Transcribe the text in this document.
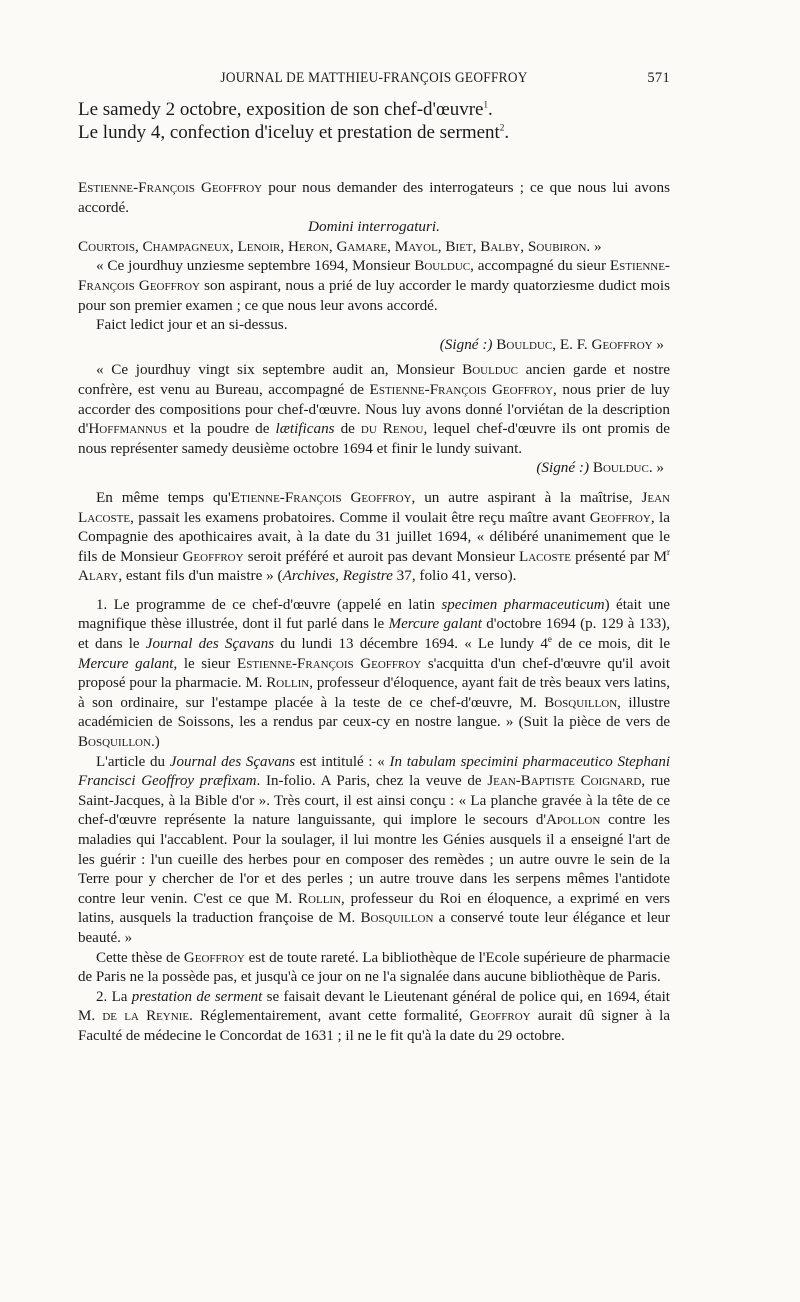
JOURNAL DE MATTHIEU-FRANÇOIS GEOFFROY	571

Le samedy 2 octobre, exposition de son chef-d'œuvre$^1$.

Le lundy 4, confection d'iceluy et prestation de serment$^2$.

Estienne-François Geoffroy pour nous demander des interrogateurs ; ce que nous lui avons accordé.

Domini interrogaturi.

Courtois, Champagneux, Lenoir, Heron, Gamare, Mayol, Biet, Balby, Soubiron. »

« Ce jourdhuy unziesme septembre 1694, Monsieur Boulduc, accompagné du sieur Estienne-François Geoffroy son aspirant, nous a prié de luy accorder le mardy quatorziesme dudict mois pour son premier examen ; ce que nous leur avons accordé.

Faict ledict jour et an si-dessus.

(Signé :) Boulduc, E. F. Geoffroy »

« Ce jourdhuy vingt six septembre audit an, Monsieur Boulduc ancien garde et nostre confrère, est venu au Bureau, accompagné de Estienne-François Geoffroy, nous prier de luy accorder des compositions pour chef-d'œuvre. Nous luy avons donné l'orviétan de la description d'Hoffmannus et la poudre de lætificans de du Renou, lequel chef-d'œuvre ils ont promis de nous représenter samedy deusième octobre 1694 et finir le lundy suivant.

(Signé :) Boulduc. »

En même temps qu'Etienne-François Geoffroy, un autre aspirant à la maîtrise, Jean Lacoste, passait les examens probatoires. Comme il voulait être reçu maître avant Geoffroy, la Compagnie des apothicaires avait, à la date du 31 juillet 1694, « délibéré unanimement que le fils de Monsieur Geoffroy seroit préféré et auroit pas devant Monsieur Lacoste présenté par $M^r$ Alary, estant fils d'un maistre » (Archives, Registre 37, folio 41, verso).

1. Le programme de ce chef-d'œuvre (appelé en latin specimen pharmaceuticum) était une magnifique thèse illustrée, dont il fut parlé dans le Mercure galant d'octobre 1694 (p. 129 à 133), et dans le Journal des Sçavans du lundi 13 décembre 1694. « Le lundy 4e de ce mois, dit le Mercure galant, le sieur Estienne-François Geoffroy s'acquitta d'un chef-d'œuvre qu'il avoit proposé pour la pharmacie. M. Rollin, professeur d'éloquence, ayant fait de très beaux vers latins, à son ordinaire, sur l'estampe placée à la teste de ce chef-d'œuvre, M. Bosquillon, illustre académicien de Soissons, les a rendus par ceux-cy en nostre langue. » (Suit la pièce de vers de Bosquillon.)

L'article du Journal des Sçavans est intitulé : « In tabulam specimini pharmaceutico Stephani Francisci Geoffroy præfixam. In-folio. A Paris, chez la veuve de Jean-Baptiste Coignard, rue Saint-Jacques, à la Bible d'or ». Très court, il est ainsi conçu : « La planche gravée à la tête de ce chef-d'œuvre représente la nature languissante, qui implore le secours d'Apollon contre les maladies qui l'accablent. Pour la soulager, il lui montre les Génies ausquels il a enseigné l'art de les guérir : l'un cueille des herbes pour en composer des remèdes ; un autre ouvre le sein de la Terre pour y chercher de l'or et des perles ; un autre trouve dans les serpens mêmes l'antidote contre leur venin. C'est ce que M. Rollin, professeur du Roi en éloquence, a exprimé en vers latins, ausquels la traduction françoise de M. Bosquillon a conservé toute leur élégance et leur beauté. »

Cette thèse de Geoffroy est de toute rareté. La bibliothèque de l'Ecole supérieure de pharmacie de Paris ne la possède pas, et jusqu'à ce jour on ne l'a signalée dans aucune bibliothèque de Paris.

2. La prestation de serment se faisait devant le Lieutenant général de police qui, en 1694, était M. de la Reynie. Réglementairement, avant cette formalité, Geoffroy aurait dû signer à la Faculté de médecine le Concordat de 1631 ; il ne le fit qu'à la date du 29 octobre.
